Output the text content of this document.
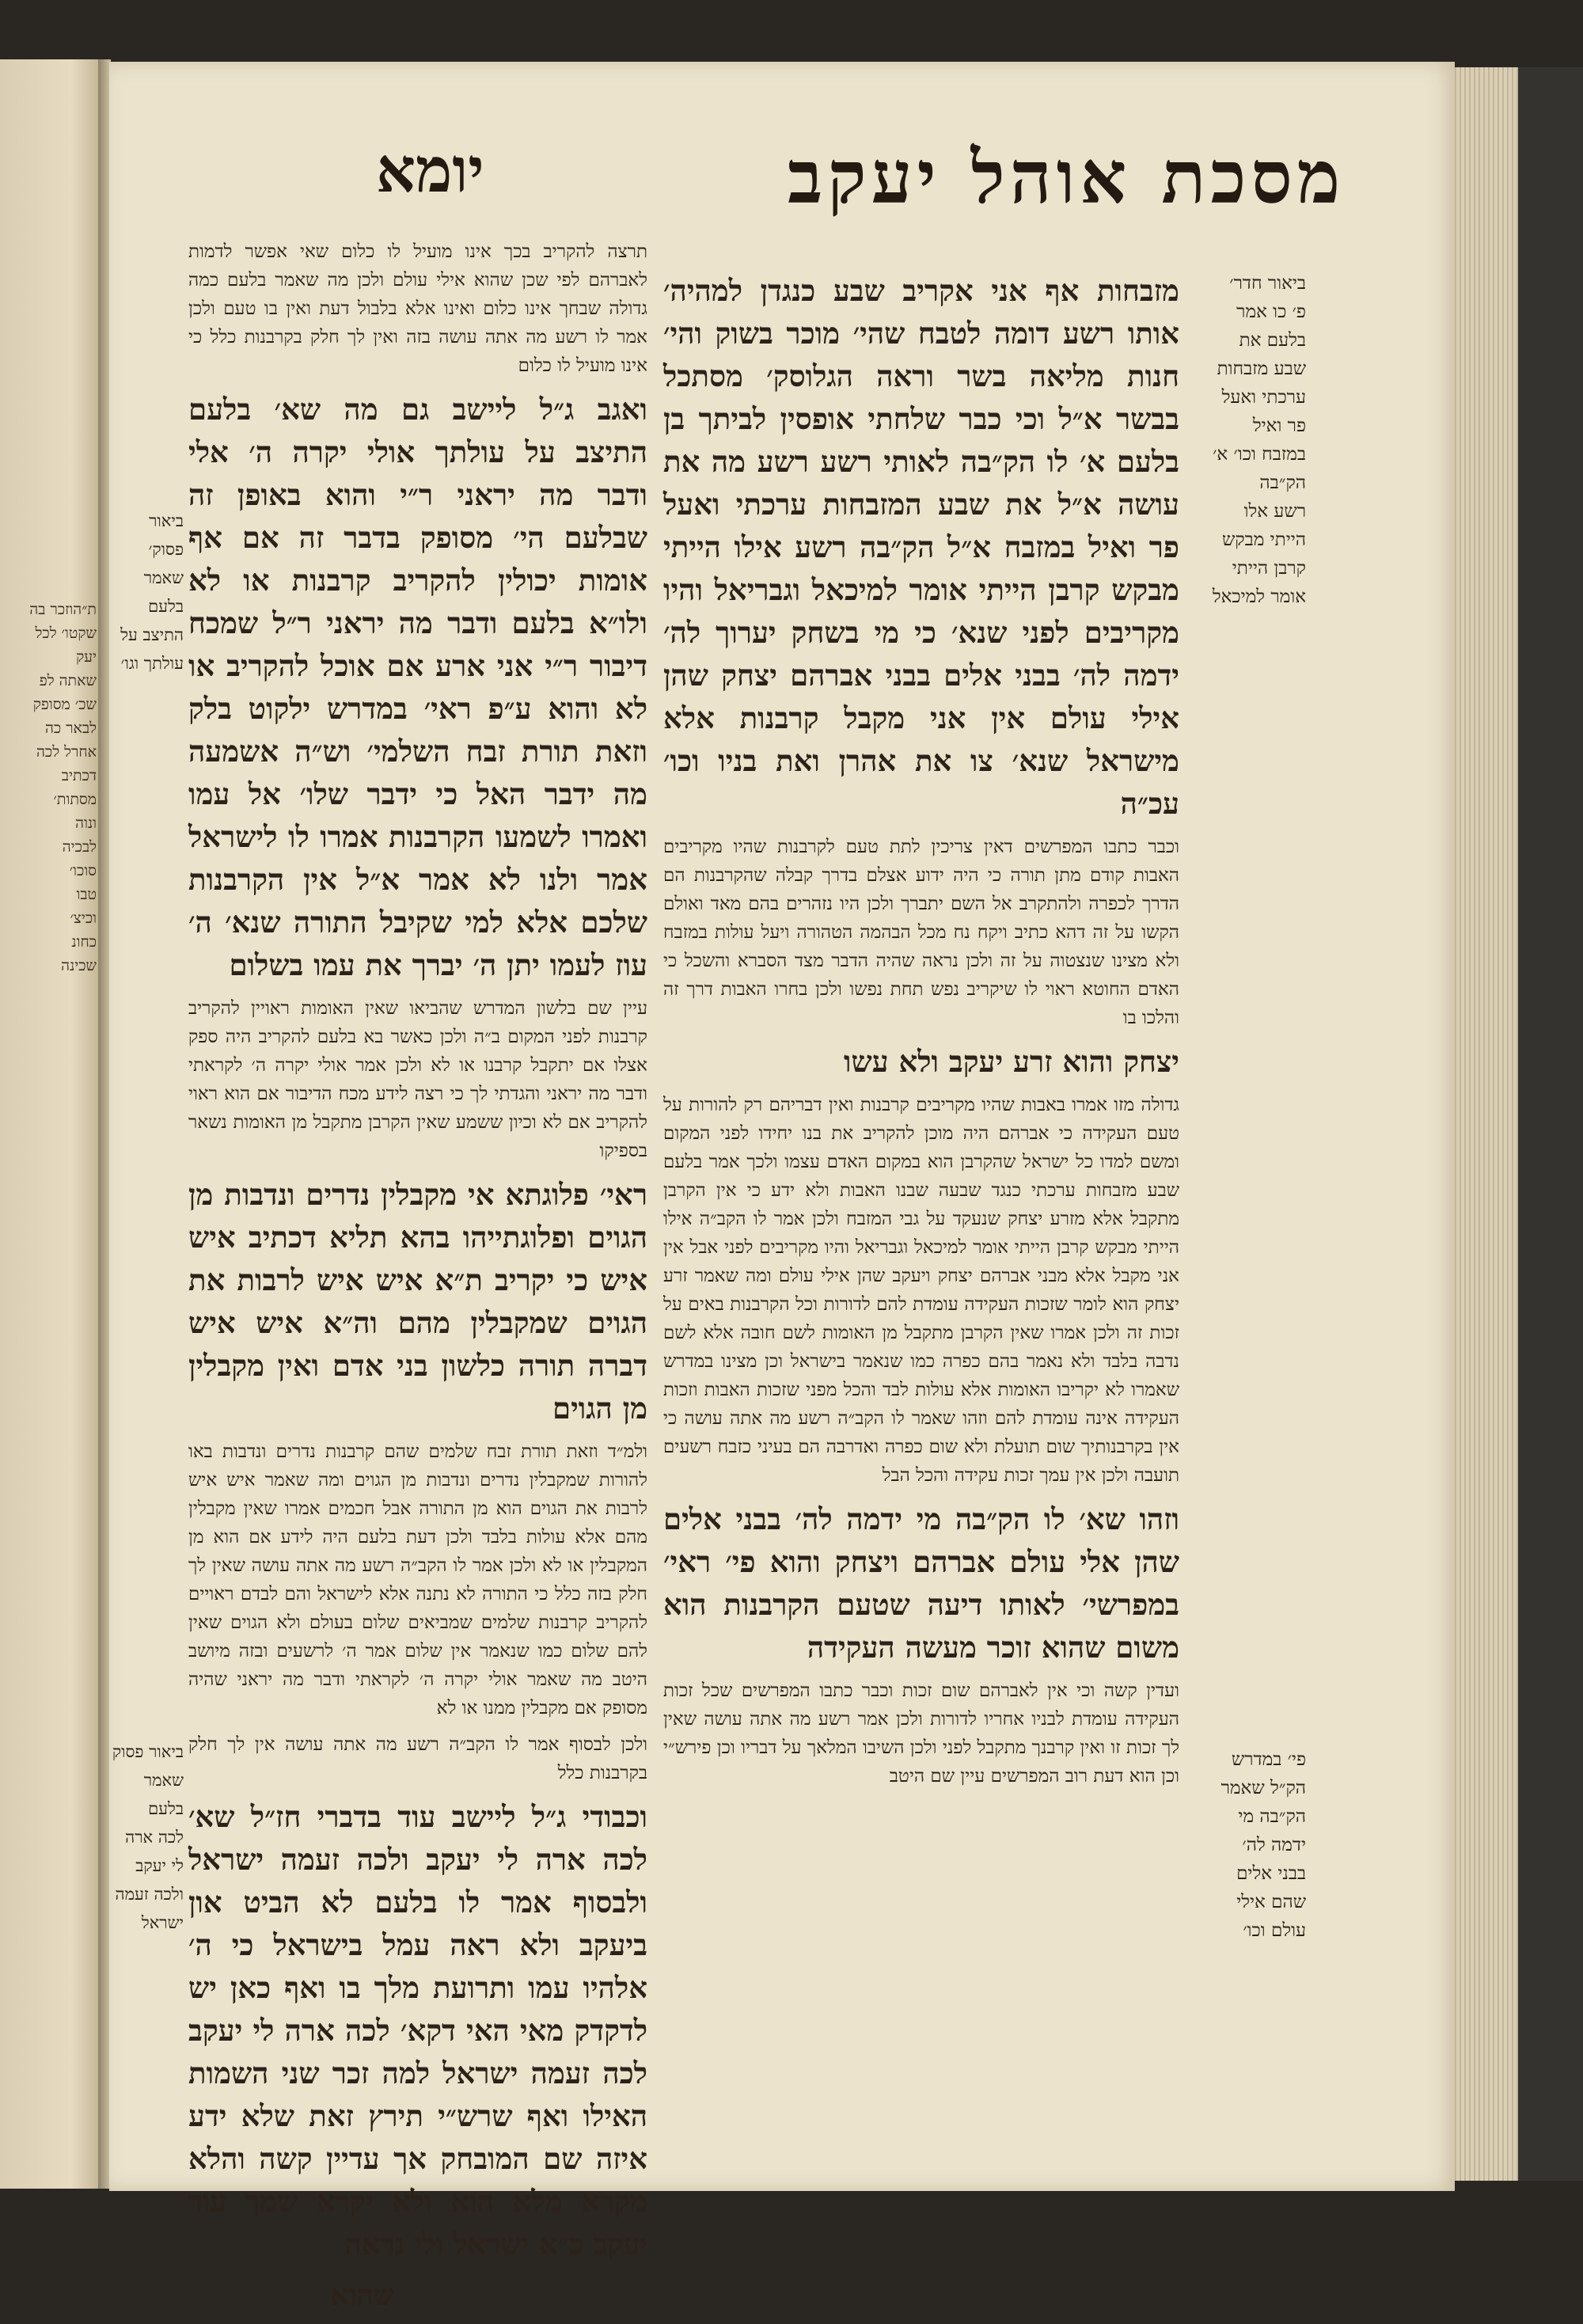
ת״הוזכר בה
שקטו׳ לכל
יעק
שאתה לפ
שכ׳ מסופק
לבאר כה
אחרל לכה
דכתיב
מסתות׳
ונוה
לבכיה
סוכו׳
טבו
וכיצ׳
כחונ
שכינה
מסכת אוהל יעקב
יומא

מזבחות אף אני אקריב שבע כנגדן למהיה׳ אותו רשע דומה לטבח שהי׳ מוכר בשוק והי׳ חנות מליאה בשר וראה הגלוסק׳ מסתכל בבשר א״ל וכי כבר שלחתי אופסין לביתך בן בלעם א׳ לו הק״בה לאותי רשע רשע מה את עושה א״ל את שבע המזבחות ערכתי ואעל פר ואיל במזבח א״ל הק״בה רשע אילו הייתי מבקש קרבן הייתי אומר למיכאל וגבריאל והיו מקריבים לפני שנא׳ כי מי בשחק יערוך לה׳ ידמה לה׳ בבני אלים בבני אברהם יצחק שהן אילי עולם אין אני מקבל קרבנות אלא מישראל שנא׳ צו את אהרן ואת בניו וכו׳ עכ״ה

וכבר כתבו המפרשים דאין צריכין לתת טעם לקרבנות שהיו מקריבים האבות קודם מתן תורה כי היה ידוע אצלם בדרך קבלה שהקרבנות הם הדרך לכפרה ולהתקרב אל השם יתברך ולכן היו נזהרים בהם מאד ואולם הקשו על זה דהא כתיב ויקח נח מכל הבהמה הטהורה ויעל עולות במזבח ולא מצינו שנצטוה על זה ולכן נראה שהיה הדבר מצד הסברא והשכל כי האדם החוטא ראוי לו שיקריב נפש תחת נפשו ולכן בחרו האבות דרך זה והלכו בו

יצחק והוא זרע יעקב ולא עשו

גדולה מזו אמרו באבות שהיו מקריבים קרבנות ואין דבריהם רק להורות על טעם העקידה כי אברהם היה מוכן להקריב את בנו יחידו לפני המקום ומשם למדו כל ישראל שהקרבן הוא במקום האדם עצמו ולכך אמר בלעם שבע מזבחות ערכתי כנגד שבעה שבנו האבות ולא ידע כי אין הקרבן מתקבל אלא מזרע יצחק שנעקד על גבי המזבח ולכן אמר לו הקב״ה אילו הייתי מבקש קרבן הייתי אומר למיכאל וגבריאל והיו מקריבים לפני אבל אין אני מקבל אלא מבני אברהם יצחק ויעקב שהן אילי עולם ומה שאמר זרע יצחק הוא לומר שזכות העקידה עומדת להם לדורות וכל הקרבנות באים על זכות זה ולכן אמרו שאין הקרבן מתקבל מן האומות לשם חובה אלא לשם נדבה בלבד ולא נאמר בהם כפרה כמו שנאמר בישראל וכן מצינו במדרש שאמרו לא יקריבו האומות אלא עולות לבד והכל מפני שזכות האבות וזכות העקידה אינה עומדת להם וזהו שאמר לו הקב״ה רשע מה אתה עושה כי אין בקרבנותיך שום תועלת ולא שום כפרה ואדרבה הם בעיני כזבח רשעים תועבה ולכן אין עמך זכות עקידה והכל הבל

וזהו שא׳ לו הק״בה מי ידמה לה׳ בבני אלים שהן אלי עולם אברהם ויצחק והוא פי׳ ראי׳ במפרשי׳ לאותו דיעה שטעם הקרבנות הוא משום שהוא זוכר מעשה העקידה

ועדין קשה וכי אין לאברהם שום זכות וכבר כתבו המפרשים שכל זכות העקידה עומדת לבניו אחריו לדורות ולכן אמר רשע מה אתה עושה שאין לך זכות זו ואין קרבנך מתקבל לפני ולכן השיבו המלאך על דבריו וכן פירש״י וכן הוא דעת רוב המפרשים עיין שם היטב

תרצה להקריב בכך אינו מועיל לו כלום שאי אפשר לדמות לאברהם לפי שכן שהוא אילי עולם ולכן מה שאמר בלעם כמה גדולה שבחך אינו כלום ואינו אלא בלבול דעת ואין בו טעם ולכן אמר לו רשע מה אתה עושה בזה ואין לך חלק בקרבנות כלל כי אינו מועיל לו כלום

ואגב ג״ל ליישב גם מה שא׳ בלעם התיצב על עולתך אולי יקרה ה׳ אלי ודבר מה יראני ר״י והוא באופן זה שבלעם הי׳ מסופק בדבר זה אם אף אומות יכולין להקריב קרבנות או לא ולו״א בלעם ודבר מה יראני ר״ל שמכח דיבור ר״י אני ארע אם אוכל להקריב או לא והוא ע״פ ראי׳ במדרש ילקוט בלק וזאת תורת זבח השלמי׳ וש״ה אשמעה מה ידבר האל כי ידבר שלו׳ אל עמו ואמרו לשמעו הקרבנות אמרו לו לישראל אמר ולנו לא אמר א״ל אין הקרבנות שלכם אלא למי שקיבל התורה שנא׳ ה׳ עוז לעמו יתן ה׳ יברך את עמו בשלום

עיין שם בלשון המדרש שהביאו שאין האומות ראויין להקריב קרבנות לפני המקום ב״ה ולכן כאשר בא בלעם להקריב היה ספק אצלו אם יתקבל קרבנו או לא ולכן אמר אולי יקרה ה׳ לקראתי ודבר מה יראני והגדתי לך כי רצה לידע מכח הדיבור אם הוא ראוי להקריב אם לא וכיון ששמע שאין הקרבן מתקבל מן האומות נשאר בספיקו

ראי׳ פלוגתא אי מקבלין נדרים ונדבות מן הגוים ופלוגתייהו בהא תליא דכתיב איש איש כי יקריב ת״א איש איש לרבות את הגוים שמקבלין מהם וה״א איש איש דברה תורה כלשון בני אדם ואין מקבלין מן הגוים

ולמ״ד וזאת תורת זבח שלמים שהם קרבנות נדרים ונדבות באו להורות שמקבלין נדרים ונדבות מן הגוים ומה שאמר איש איש לרבות את הגוים הוא מן התורה אבל חכמים אמרו שאין מקבלין מהם אלא עולות בלבד ולכן דעת בלעם היה לידע אם הוא מן המקבלין או לא ולכן אמר לו הקב״ה רשע מה אתה עושה שאין לך חלק בזה כלל כי התורה לא נתנה אלא לישראל והם לבדם ראויים להקריב קרבנות שלמים שמביאים שלום בעולם ולא הגוים שאין להם שלום כמו שנאמר אין שלום אמר ה׳ לרשעים ובזה מיושב היטב מה שאמר אולי יקרה ה׳ לקראתי ודבר מה יראני שהיה מסופק אם מקבלין ממנו או לא

ולכן לבסוף אמר לו הקב״ה רשע מה אתה עושה אין לך חלק בקרבנות כלל

וכבודי ג״ל ליישב עוד בדברי חז״ל שא׳ לכה ארה לי יעקב ולכה זעמה ישראל ולבסוף אמר לו בלעם לא הביט און ביעקב ולא ראה עמל בישראל כי ה׳ אלהיו עמו ותרועת מלך בו ואף כאן יש לדקדק מאי האי דקא׳ לכה ארה לי יעקב לכה זעמה ישראל למה זכר שני השמות האילו ואף שרש״י תירץ זאת שלא ידע איזה שם המובחק אך עדיין קשה והלא מקרא מלא הוא ולא יקרא שמך עוד יעקב כ״א ישראל ולי נראה

שהוא

ביאור חדר׳
פ׳ כו אמר
בלעם את
שבע מזבחות
ערכתי ואעל
פר ואיל
במזבח וכו׳ א׳
הק״בה
רשע אלו
הייתי מבקש
קרבן הייתי
אומר למיכאל
פי׳ במדרש
הק״ל שאמר
הק״בה מי
ידמה לה׳
בבני אלים
שהם אילי
עולם וכו׳
ביאור פסוק׳
שאמר בלעם
התיצב על
עולתך וגו׳
ביאור פסוק
שאמר בלעם
לכה ארה
לי יעקב
ולכה זעמה
ישראל
